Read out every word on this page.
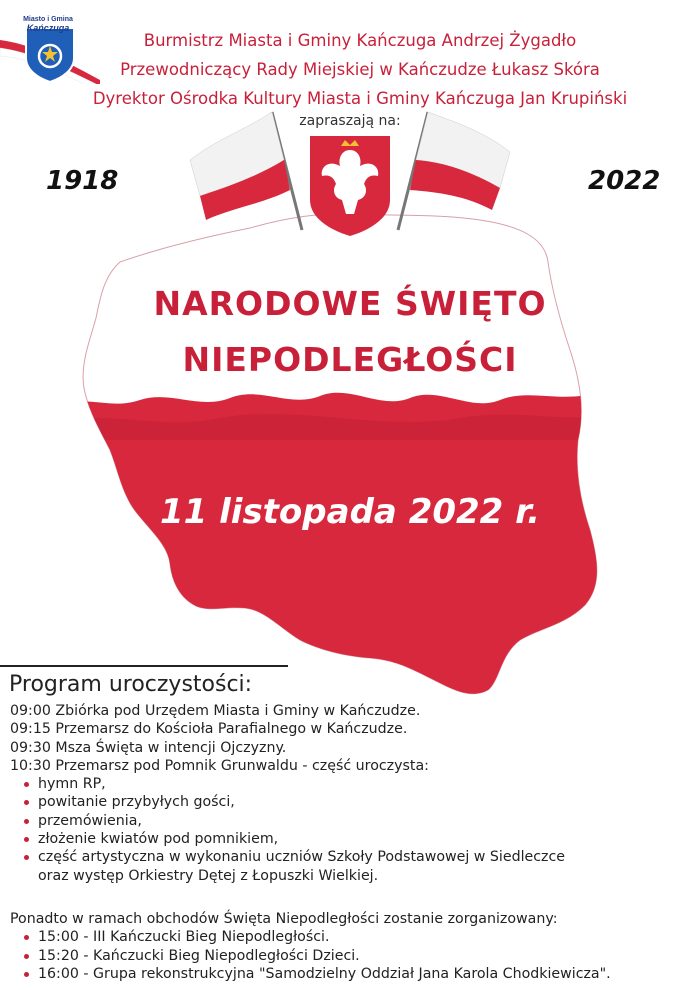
Miasto i Gmina
Kańczuga
Burmistrz Miasta i Gminy Kańczuga Andrzej Żygadło
Przewodniczący Rady Miejskiej w Kańczudze Łukasz Skóra
Dyrektor Ośrodka Kultury Miasta i Gminy Kańczuga Jan Krupiński
zapraszają na:
1918	2022
NARODOWE ŚWIĘTO
NIEPODLEGŁOŚCI
11 listopada 2022 r.
Program uroczystości:
09:00 Zbiórka pod Urzędem Miasta i Gminy w Kańczudze.
09:15 Przemarsz do Kościoła Parafialnego w Kańczudze.
09:30 Msza Święta w intencji Ojczyzny.
10:30 Przemarsz pod Pomnik Grunwaldu - część uroczysta:
hymn RP,
powitanie przybyłych gości,
przemówienia,
złożenie kwiatów pod pomnikiem,
część artystyczna w wykonaniu uczniów Szkoły Podstawowej w Siedleczce
oraz występ Orkiestry Dętej z Łopuszki Wielkiej.
Ponadto w ramach obchodów Święta Niepodległości zostanie zorganizowany:
15:00 - III Kańczucki Bieg Niepodległości.
15:20 - Kańczucki Bieg Niepodległości Dzieci.
16:00 - Grupa rekonstrukcyjna "Samodzielny Oddział Jana Karola Chodkiewicza".
